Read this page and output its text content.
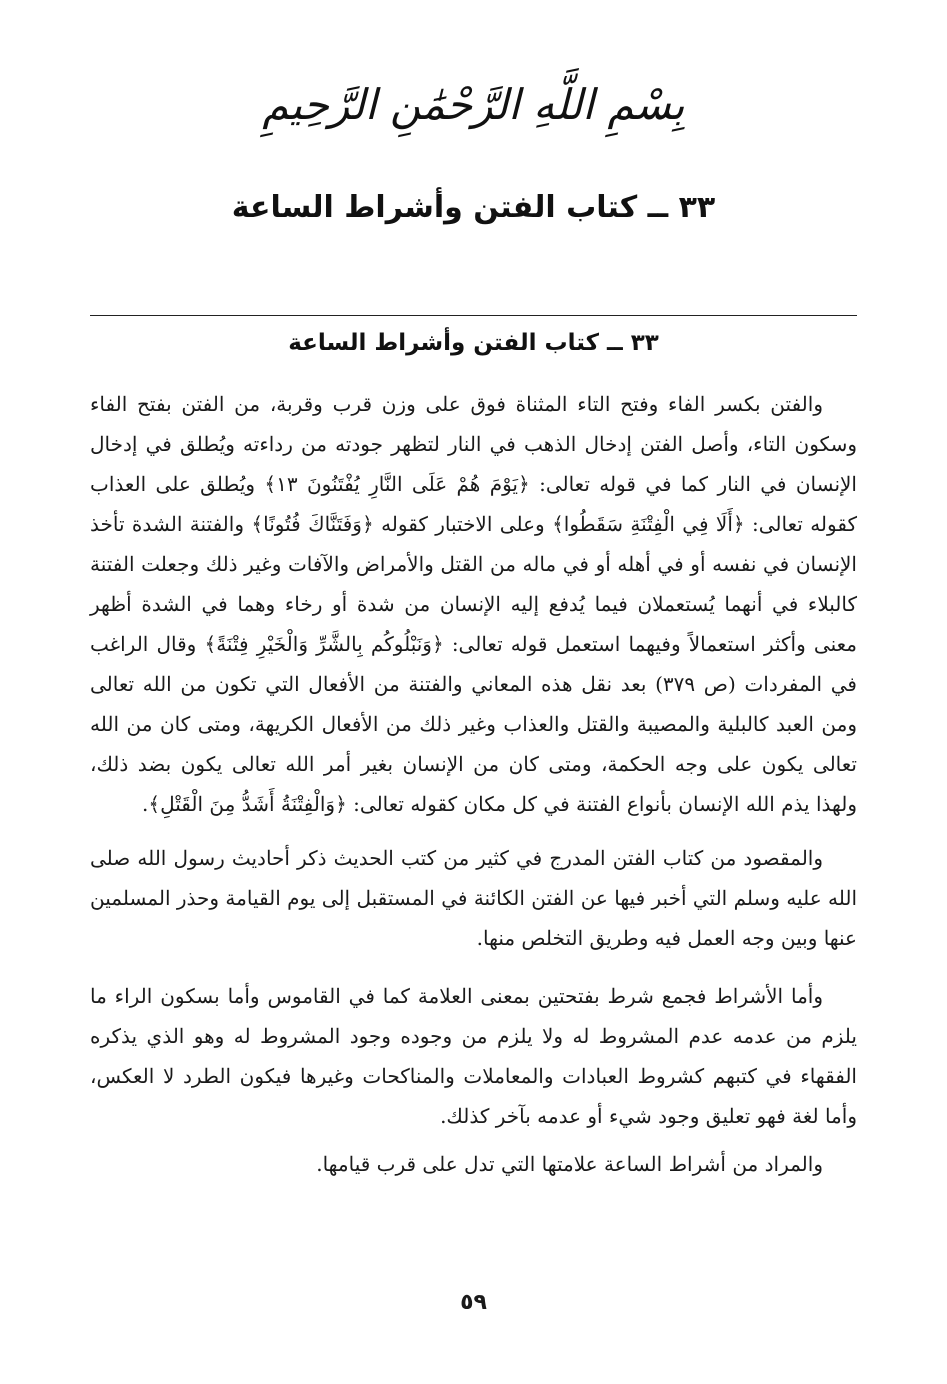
بِسْمِ اللَّهِ الرَّحْمَٰنِ الرَّحِيمِ
٣٣ ــ كتاب الفتن وأشراط الساعة
٣٣ ــ كتاب الفتن وأشراط الساعة

والفتن بكسر الفاء وفتح التاء المثناة فوق على وزن قرب وقربة، من الفتن بفتح الفاء وسكون التاء، وأصل الفتن إدخال الذهب في النار لتظهر جودته من رداءته ويُطلق في إدخال الإنسان في النار كما في قوله تعالى: ﴿يَوْمَ هُمْ عَلَى النَّارِ يُفْتَنُونَ ١٣﴾ ويُطلق على العذاب كقوله تعالى: ﴿أَلَا فِي الْفِتْنَةِ سَقَطُوا﴾ وعلى الاختبار كقوله ﴿وَفَتَنَّاكَ فُتُونًا﴾ والفتنة الشدة تأخذ الإنسان في نفسه أو في أهله أو في ماله من القتل والأمراض والآفات وغير ذلك وجعلت الفتنة كالبلاء في أنهما يُستعملان فيما يُدفع إليه الإنسان من شدة أو رخاء وهما في الشدة أظهر معنى وأكثر استعمالاً وفيهما استعمل قوله تعالى: ﴿وَنَبْلُوكُم بِالشَّرِّ وَالْخَيْرِ فِتْنَةً﴾ وقال الراغب في المفردات (ص ٣٧٩) بعد نقل هذه المعاني والفتنة من الأفعال التي تكون من الله تعالى ومن العبد كالبلية والمصيبة والقتل والعذاب وغير ذلك من الأفعال الكريهة، ومتى كان من الله تعالى يكون على وجه الحكمة، ومتى كان من الإنسان بغير أمر الله تعالى يكون بضد ذلك، ولهذا يذم الله الإنسان بأنواع الفتنة في كل مكان كقوله تعالى: ﴿وَالْفِتْنَةُ أَشَدُّ مِنَ الْقَتْلِ﴾.

والمقصود من كتاب الفتن المدرج في كثير من كتب الحديث ذكر أحاديث رسول الله صلى الله عليه وسلم التي أخبر فيها عن الفتن الكائنة في المستقبل إلى يوم القيامة وحذر المسلمين عنها وبين وجه العمل فيه وطريق التخلص منها.

وأما الأشراط فجمع شرط بفتحتين بمعنى العلامة كما في القاموس وأما بسكون الراء ما يلزم من عدمه عدم المشروط له ولا يلزم من وجوده وجود المشروط له وهو الذي يذكره الفقهاء في كتبهم كشروط العبادات والمعاملات والمناكحات وغيرها فيكون الطرد لا العكس، وأما لغة فهو تعليق وجود شيء أو عدمه بآخر كذلك.

والمراد من أشراط الساعة علامتها التي تدل على قرب قيامها.

٥٩
